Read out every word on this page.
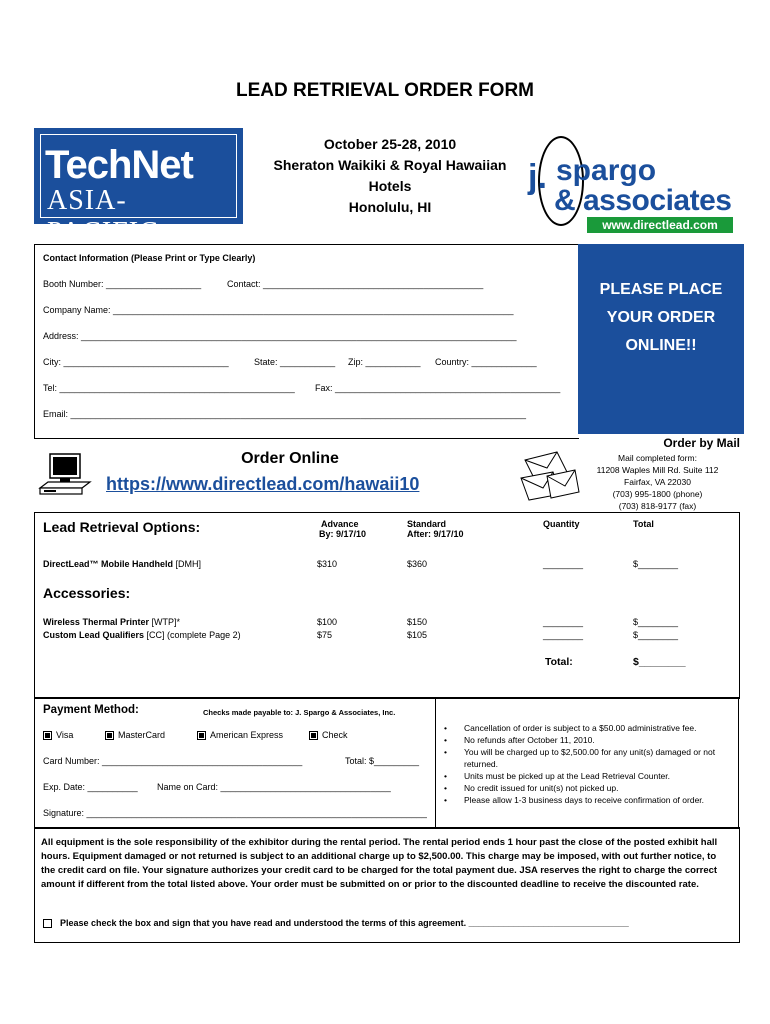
LEAD RETRIEVAL ORDER FORM
TechNet
ASIA-PACIFIC
October 25-28, 2010
Sheraton Waikiki & Royal Hawaiian
Hotels
Honolulu, HI
j. spargo
& associates
www.directlead.com
Contact Information (Please Print or Type Clearly)
Booth Number: ___________________	Contact: ____________________________________________
Company Name: ________________________________________________________________________________
Address: _______________________________________________________________________________________
City: _________________________________	State: ___________ Zip: ___________ Country: _____________
Tel: _______________________________________________ Fax: _____________________________________________
Email: ___________________________________________________________________________________________
PLEASE PLACE
YOUR ORDER
ONLINE!!
Order Online
https://www.directlead.com/hawaii10
Order by Mail
Mail completed form:
11208 Waples Mill Rd. Suite 112
Fairfax, VA 22030
(703) 995-1800 (phone)
(703) 818-9177 (fax)
Lead Retrieval Options:	Advance
By: 9/17/10
Standard
After: 9/17/10
Quantity	Total
DirectLead™ Mobile Handheld [DMH]	$310	$360	________	$________
Accessories:
Wireless Thermal Printer [WTP]*	$100	$150	________	$________
Custom Lead Qualifiers [CC] (complete Page 2)	$75	$105	________	$________
Total:	$________
Payment Method:	Checks made payable to: J. Spargo & Associates, Inc.
Visa	MasterCard	American Express	Check
Card Number: ________________________________________	Total: $_________
Exp. Date: __________ Name on Card: __________________________________
Signature: ____________________________________________________________________
• Cancellation of order is subject to a $50.00 administrative fee.
• No refunds after October 11, 2010.
• You will be charged up to $2,500.00 for any unit(s) damaged or not returned.
• Units must be picked up at the Lead Retrieval Counter.
• No credit issued for unit(s) not picked up.
• Please allow 1-3 business days to receive confirmation of order.
All equipment is the sole responsibility of the exhibitor during the rental period. The rental period ends 1 hour past the close of the posted exhibit hall hours. Equipment damaged or not returned is subject to an additional charge up to $2,500.00. This charge may be imposed, with out further notice, to the credit card on file. Your signature authorizes your credit card to be charged for the total payment due. JSA reserves the right to charge the correct amount if different from the total listed above. Your order must be submitted on or prior to the discounted deadline to receive the discounted rate.
Please check the box and sign that you have read and understood the terms of this agreement. ________________________________
